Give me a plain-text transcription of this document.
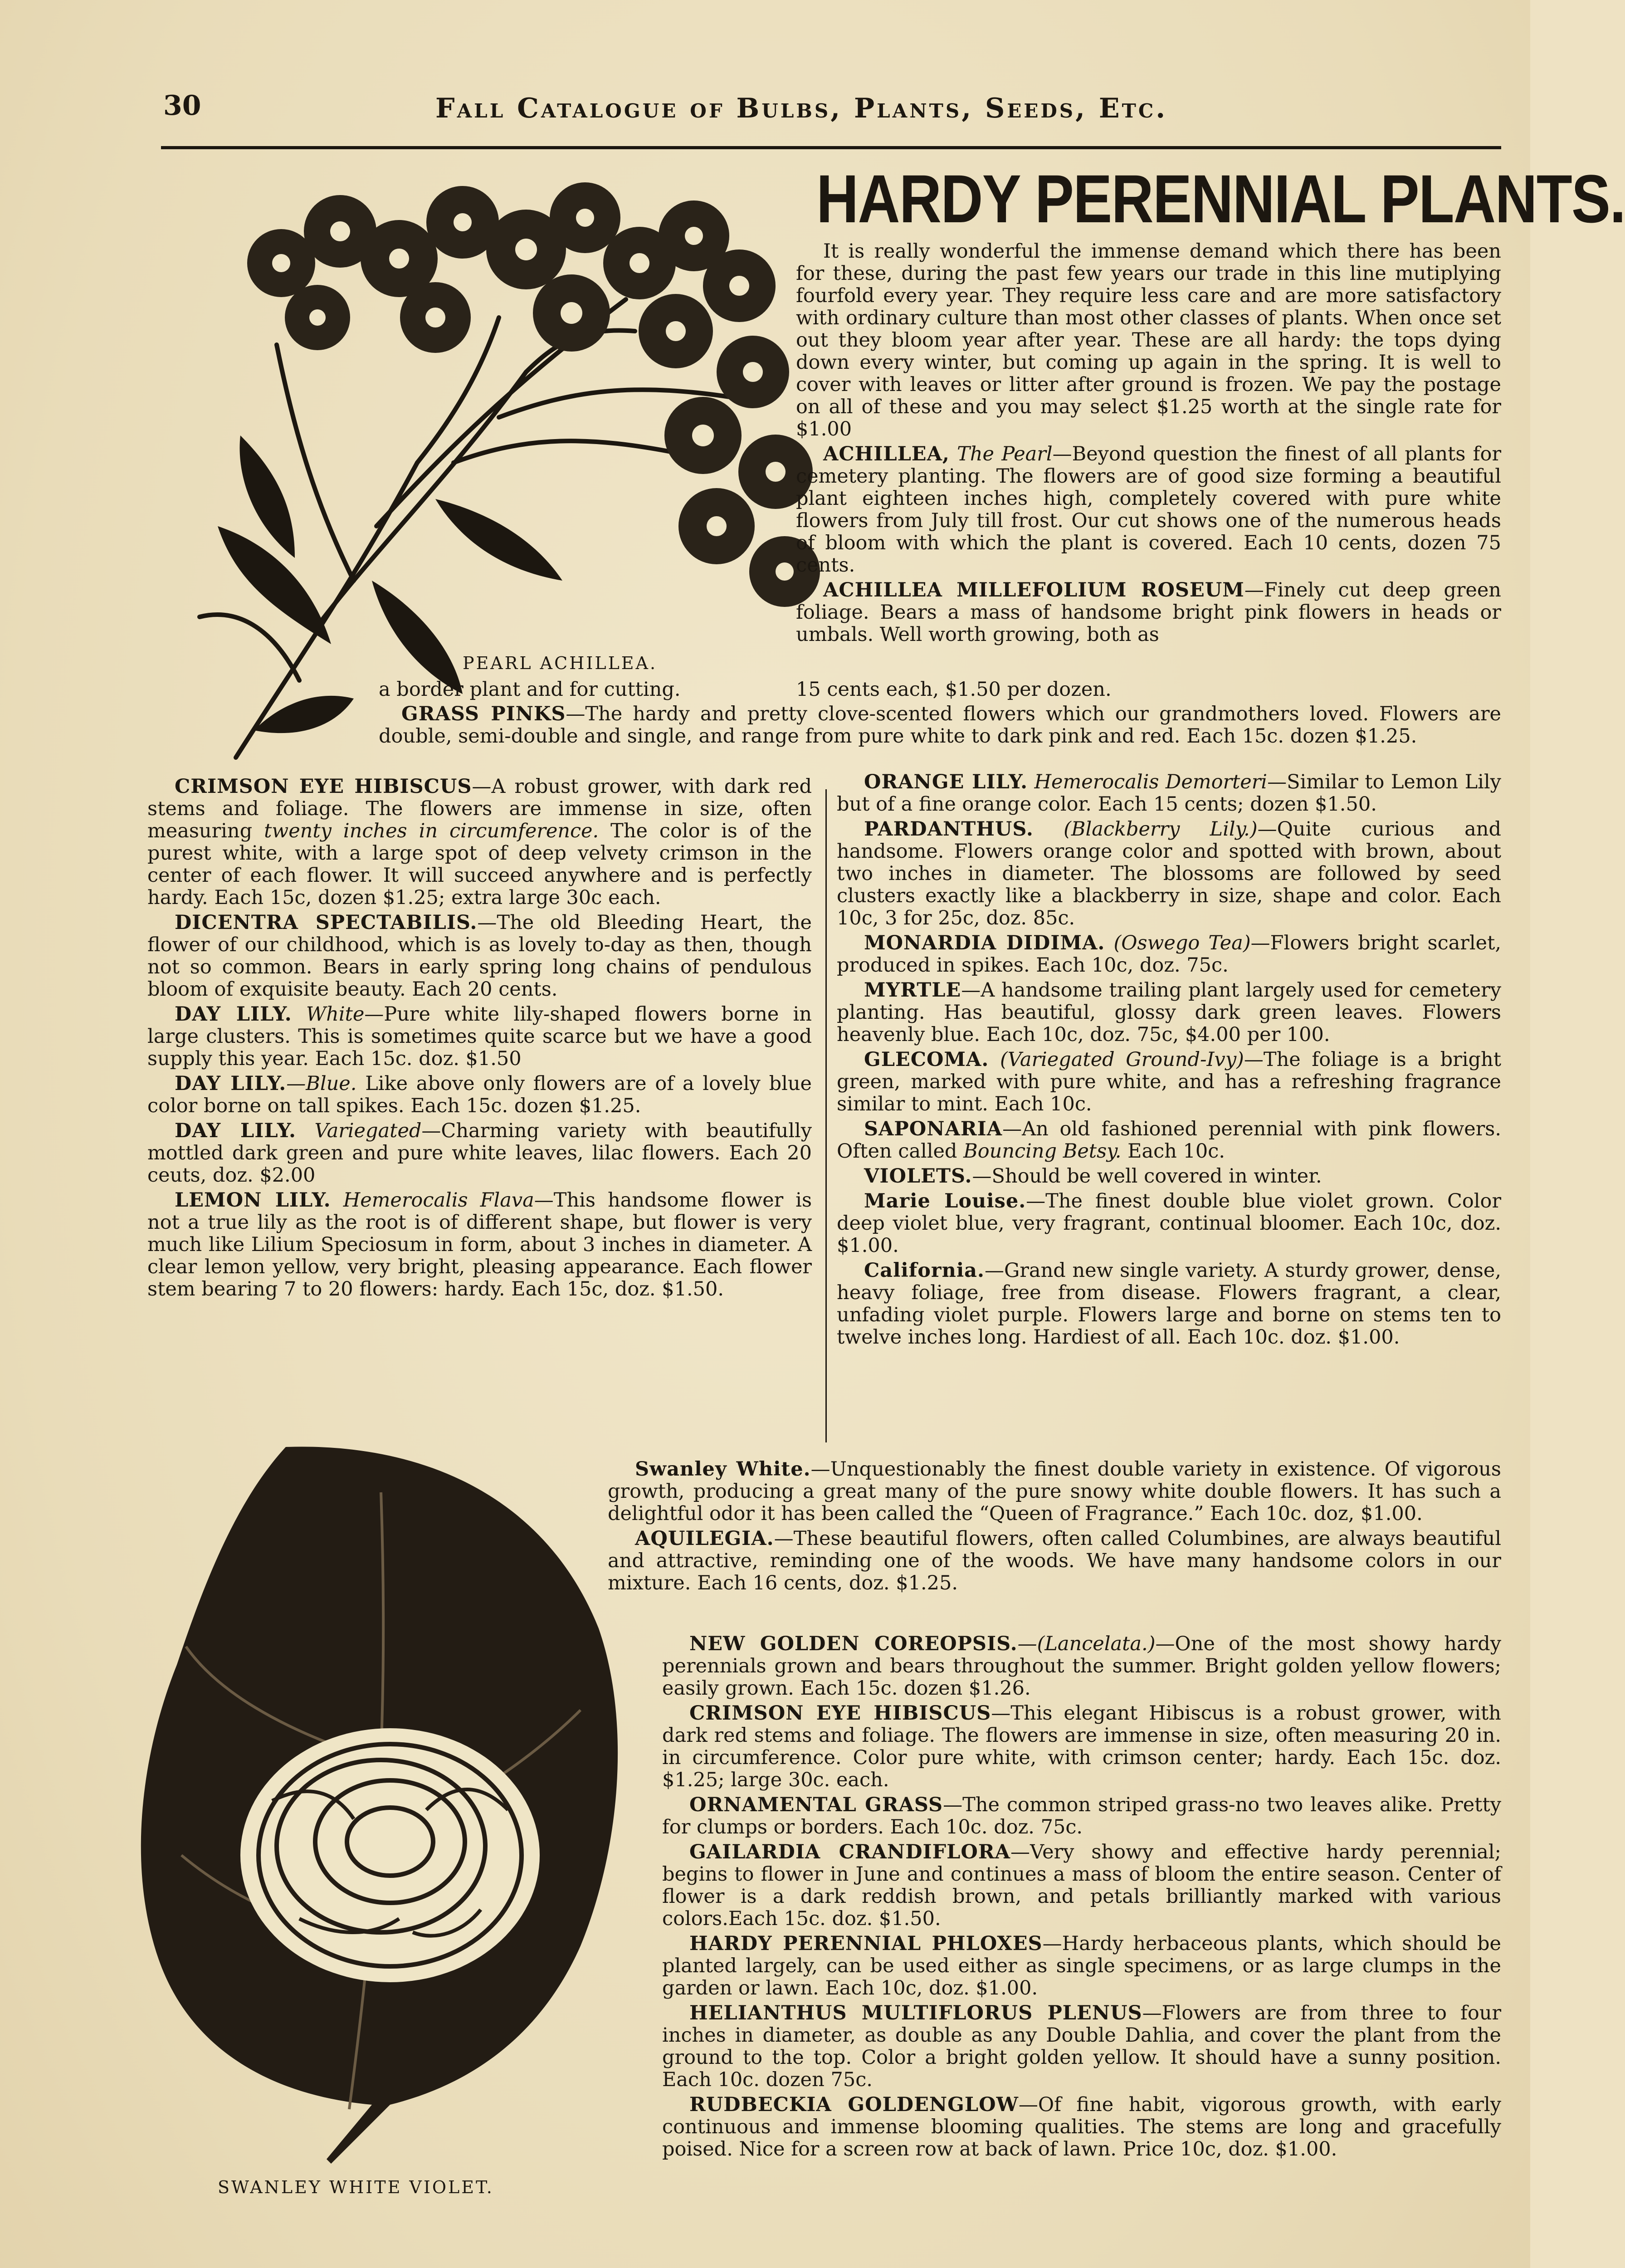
30	Fall Catalogue of Bulbs, Plants, Seeds, Etc.
HARDY PERENNIAL PLANTS.
PEARL ACHILLEA.

It is really wonderful the immense demand which there has been for these, during the past few years our trade in this line mutiplying fourfold every year. They require less care and are more satisfactory with ordinary culture than most other classes of plants. When once set out they bloom year after year. These are all hardy: the tops dying down every winter, but coming up again in the spring. It is well to cover with leaves or litter after ground is frozen. We pay the postage on all of these and you may select $1.25 worth at the single rate for $1.00

ACHILLEA, The Pearl—Beyond question the finest of all plants for cemetery planting. The flowers are of good size forming a beautiful plant eighteen inches high, completely covered with pure white flowers from July till frost. Our cut shows one of the numerous heads of bloom with which the plant is covered. Each 10 cents, dozen 75 cents.

ACHILLEA MILLEFOLIUM ROSEUM—Finely cut deep green foliage. Bears a mass of handsome bright pink flowers in heads or umbals. Well worth growing, both as

a border plant and for cutting.	15 cents each, $1.50 per dozen.

GRASS PINKS—The hardy and pretty clove-scented flowers which our grandmothers loved. Flowers are double, semi-double and single, and range from pure white to dark pink and red. Each 15c. dozen $1.25.

CRIMSON EYE HIBISCUS—A robust grower, with dark red stems and foliage. The flowers are immense in size, often measuring twenty inches in circumference. The color is of the purest white, with a large spot of deep velvety crimson in the center of each flower. It will succeed anywhere and is perfectly hardy. Each 15c, dozen $1.25; extra large 30c each.

DICENTRA SPECTABILIS.—The old Bleeding Heart, the flower of our childhood, which is as lovely to-day as then, though not so common. Bears in early spring long chains of pendulous bloom of exquisite beauty. Each 20 cents.

DAY LILY. White—Pure white lily-shaped flowers borne in large clusters. This is sometimes quite scarce but we have a good supply this year. Each 15c. doz. $1.50

DAY LILY.—Blue. Like above only flowers are of a lovely blue color borne on tall spikes. Each 15c. dozen $1.25.

DAY LILY. Variegated—Charming variety with beautifully mottled dark green and pure white leaves, lilac flowers. Each 20 ceuts, doz. $2.00

LEMON LILY. Hemerocalis Flava—This handsome flower is not a true lily as the root is of different shape, but flower is very much like Lilium Speciosum in form, about 3 inches in diameter. A clear lemon yellow, very bright, pleasing appearance. Each flower stem bearing 7 to 20 flowers: hardy. Each 15c, doz. $1.50.

ORANGE LILY. Hemerocalis Demorteri—Similar to Lemon Lily but of a fine orange color. Each 15 cents; dozen $1.50.

PARDANTHUS. (Blackberry Lily.)—Quite curious and handsome. Flowers orange color and spotted with brown, about two inches in diameter. The blossoms are followed by seed clusters exactly like a blackberry in size, shape and color. Each 10c, 3 for 25c, doz. 85c.

MONARDIA DIDIMA. (Oswego Tea)—Flowers bright scarlet, produced in spikes. Each 10c, doz. 75c.

MYRTLE—A handsome trailing plant largely used for cemetery planting. Has beautiful, glossy dark green leaves. Flowers heavenly blue. Each 10c, doz. 75c, $4.00 per 100.

GLECOMA. (Variegated Ground-Ivy)—The foliage is a bright green, marked with pure white, and has a refreshing fragrance similar to mint. Each 10c.

SAPONARIA—An old fashioned perennial with pink flowers. Often called Bouncing Betsy. Each 10c.

VIOLETS.—Should be well covered in winter.

Marie Louise.—The finest double blue violet grown. Color deep violet blue, very fragrant, continual bloomer. Each 10c, doz. $1.00.

California.—Grand new single variety. A sturdy grower, dense, heavy foliage, free from disease. Flowers fragrant, a clear, unfading violet purple. Flowers large and borne on stems ten to twelve inches long. Hardiest of all. Each 10c. doz. $1.00.

SWANLEY WHITE VIOLET.

Swanley White.—Unquestionably the finest double variety in existence. Of vigorous growth, producing a great many of the pure snowy white double flowers. It has such a delightful odor it has been called the “Queen of Fragrance.” Each 10c. doz, $1.00.

AQUILEGIA.—These beautiful flowers, often called Columbines, are always beautiful and attractive, reminding one of the woods. We have many handsome colors in our mixture. Each 16 cents, doz. $1.25.

NEW GOLDEN COREOPSIS.—(Lancelata.)—One of the most showy hardy perennials grown and bears throughout the summer. Bright golden yellow flowers; easily grown. Each 15c. dozen $1.26.

CRIMSON EYE HIBISCUS—This elegant Hibiscus is a robust grower, with dark red stems and foliage. The flowers are immense in size, often measuring 20 in. in circumference. Color pure white, with crimson center; hardy. Each 15c. doz. $1.25; large 30c. each.

ORNAMENTAL GRASS—The common striped grass-no two leaves alike. Pretty for clumps or borders. Each 10c. doz. 75c.

GAILARDIA CRANDIFLORA—Very showy and effective hardy perennial; begins to flower in June and continues a mass of bloom the entire season. Center of flower is a dark reddish brown, and petals brilliantly marked with various colors.Each 15c. doz. $1.50.

HARDY PERENNIAL PHLOXES—Hardy herbaceous plants, which should be planted largely, can be used either as single specimens, or as large clumps in the garden or lawn. Each 10c, doz. $1.00.

HELIANTHUS MULTIFLORUS PLENUS—Flowers are from three to four inches in diameter, as double as any Double Dahlia, and cover the plant from the ground to the top. Color a bright golden yellow. It should have a sunny position. Each 10c. dozen 75c.

RUDBECKIA GOLDENGLOW—Of fine habit, vigorous growth, with early continuous and immense blooming qualities. The stems are long and gracefully poised. Nice for a screen row at back of lawn. Price 10c, doz. $1.00.
